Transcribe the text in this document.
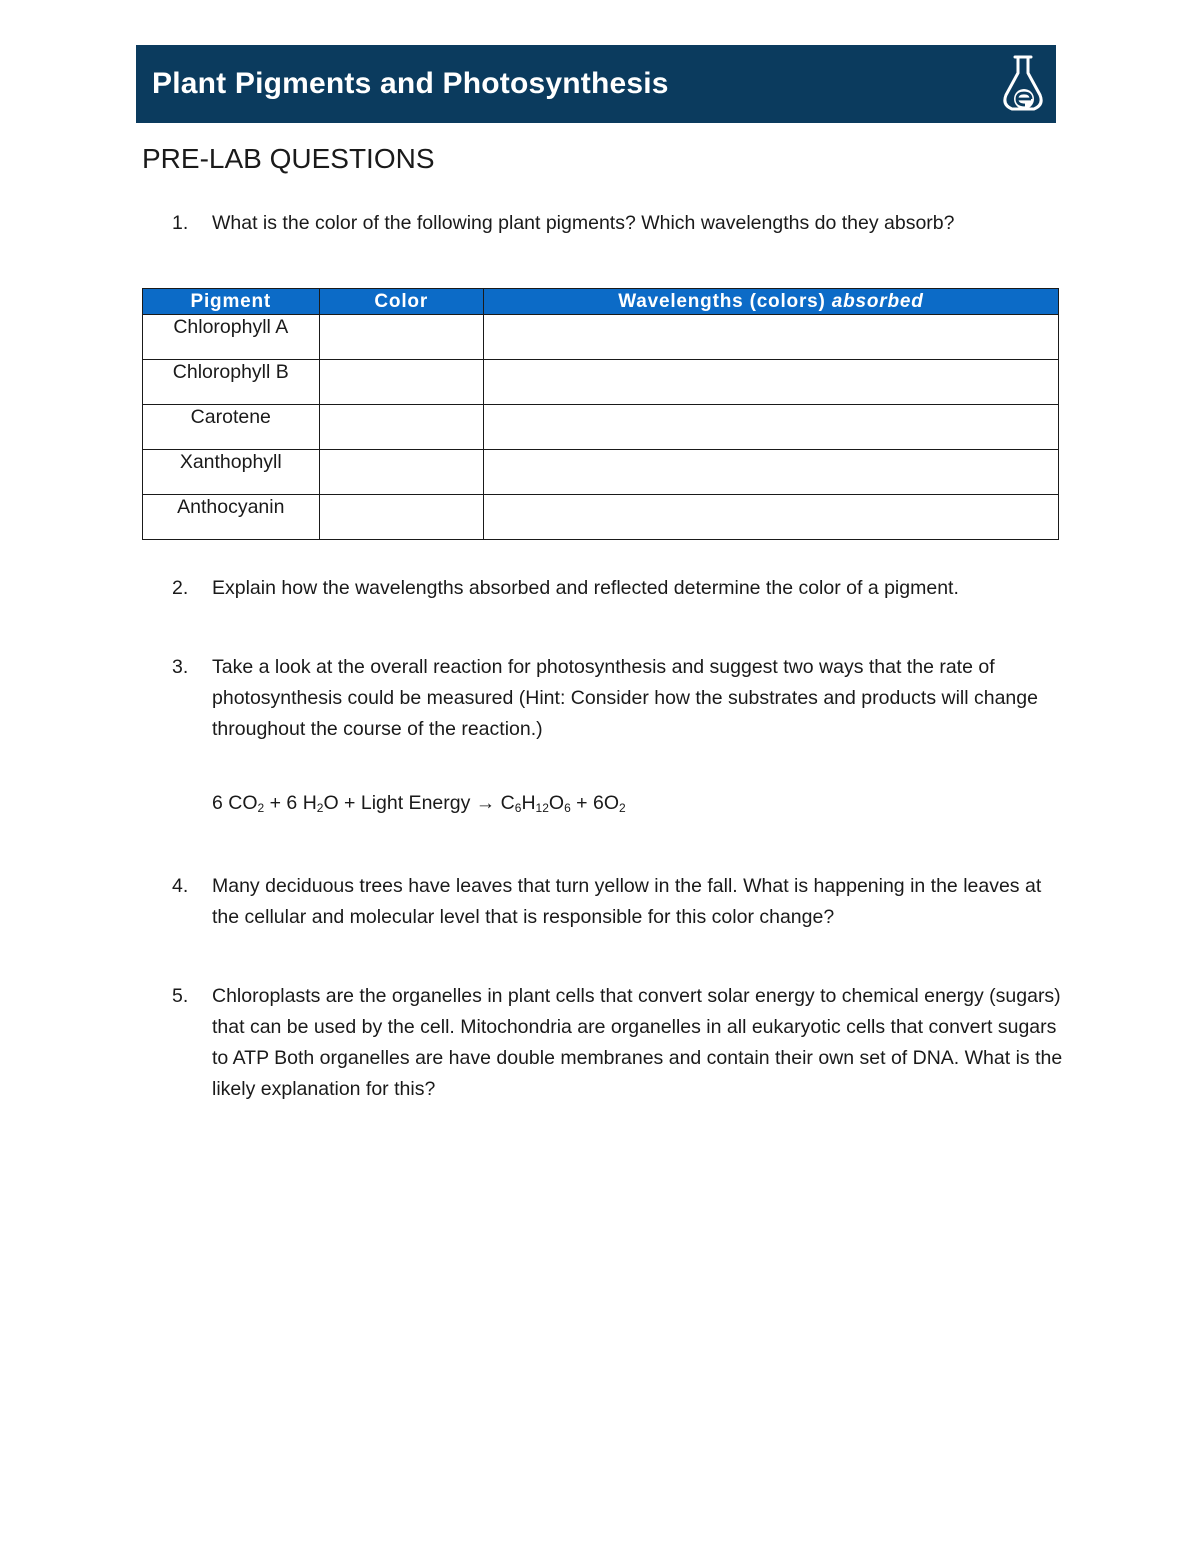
Plant Pigments and Photosynthesis
PRE-LAB QUESTIONS
1. What is the color of the following plant pigments? Which wavelengths do they absorb?
Pigment	Color	Wavelengths (colors) absorbed
Chlorophyll A		
Chlorophyll B		
Carotene		
Xanthophyll		
Anthocyanin		
2. Explain how the wavelengths absorbed and reflected determine the color of a pigment.
3. Take a look at the overall reaction for photosynthesis and suggest two ways that the rate of photosynthesis could be measured (Hint: Consider how the substrates and products will change throughout the course of the reaction.)
6 $CO_2 + 6$ $H_2O$ + Light Energy → $C_6H_{12}O_6 + 6O_2$
4. Many deciduous trees have leaves that turn yellow in the fall. What is happening in the leaves at the cellular and molecular level that is responsible for this color change?
5. Chloroplasts are the organelles in plant cells that convert solar energy to chemical energy (sugars) that can be used by the cell. Mitochondria are organelles in all eukaryotic cells that convert sugars to ATP Both organelles are have double membranes and contain their own set of DNA. What is the likely explanation for this?
